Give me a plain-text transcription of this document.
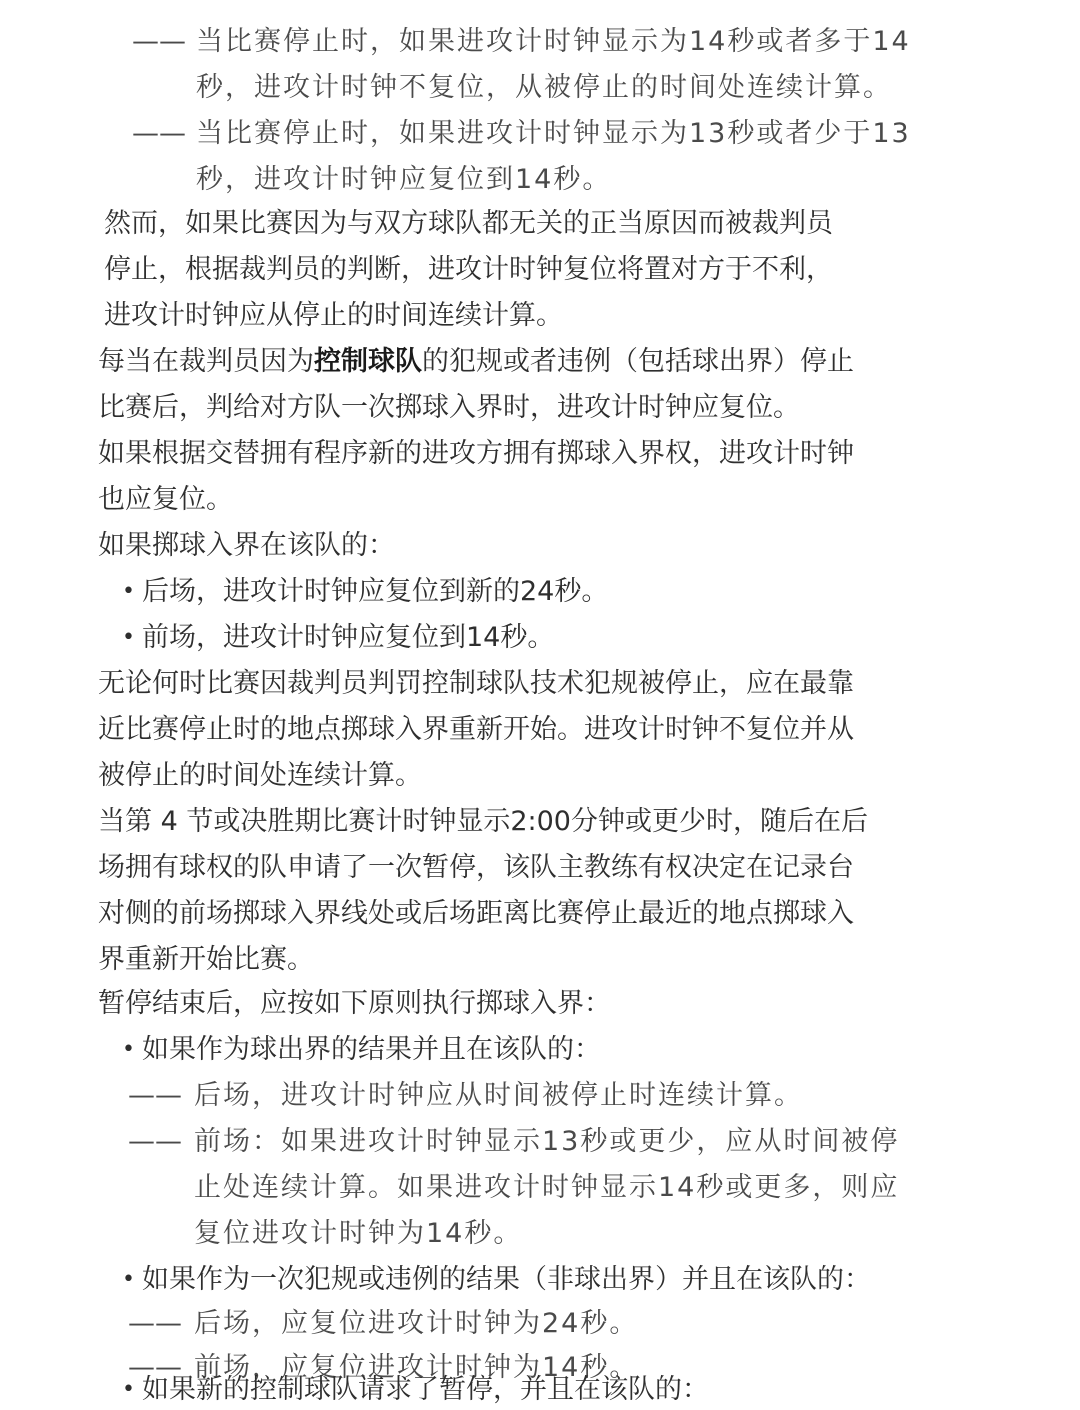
—— 当比赛停止时，如果进攻计时钟显示为14秒或者多于14
秒，进攻计时钟不复位，从被停止的时间处连续计算。
—— 当比赛停止时，如果进攻计时钟显示为13秒或者少于13
秒，进攻计时钟应复位到14秒。
然而，如果比赛因为与双方球队都无关的正当原因而被裁判员
停止，根据裁判员的判断，进攻计时钟复位将置对方于不利，
进攻计时钟应从停止的时间连续计算。
每当在裁判员因为控制球队的犯规或者违例（包括球出界）停止
比赛后，判给对方队一次掷球入界时，进攻计时钟应复位。
如果根据交替拥有程序新的进攻方拥有掷球入界权，进攻计时钟
也应复位。
如果掷球入界在该队的：
• 后场，进攻计时钟应复位到新的24秒。
• 前场，进攻计时钟应复位到14秒。
无论何时比赛因裁判员判罚控制球队技术犯规被停止，应在最靠
近比赛停止时的地点掷球入界重新开始。进攻计时钟不复位并从
被停止的时间处连续计算。
当第 4 节或决胜期比赛计时钟显示2:00分钟或更少时，随后在后
场拥有球权的队申请了一次暂停，该队主教练有权决定在记录台
对侧的前场掷球入界线处或后场距离比赛停止最近的地点掷球入
界重新开始比赛。
暂停结束后，应按如下原则执行掷球入界：
• 如果作为球出界的结果并且在该队的：
—— 后场，进攻计时钟应从时间被停止时连续计算。
—— 前场：如果进攻计时钟显示13秒或更少，应从时间被停
止处连续计算。如果进攻计时钟显示14秒或更多，则应
复位进攻计时钟为14秒。
• 如果作为一次犯规或违例的结果（非球出界）并且在该队的：
—— 后场，应复位进攻计时钟为24秒。
—— 前场，应复位进攻计时钟为14秒。
• 如果新的控制球队请求了暂停，并且在该队的：
